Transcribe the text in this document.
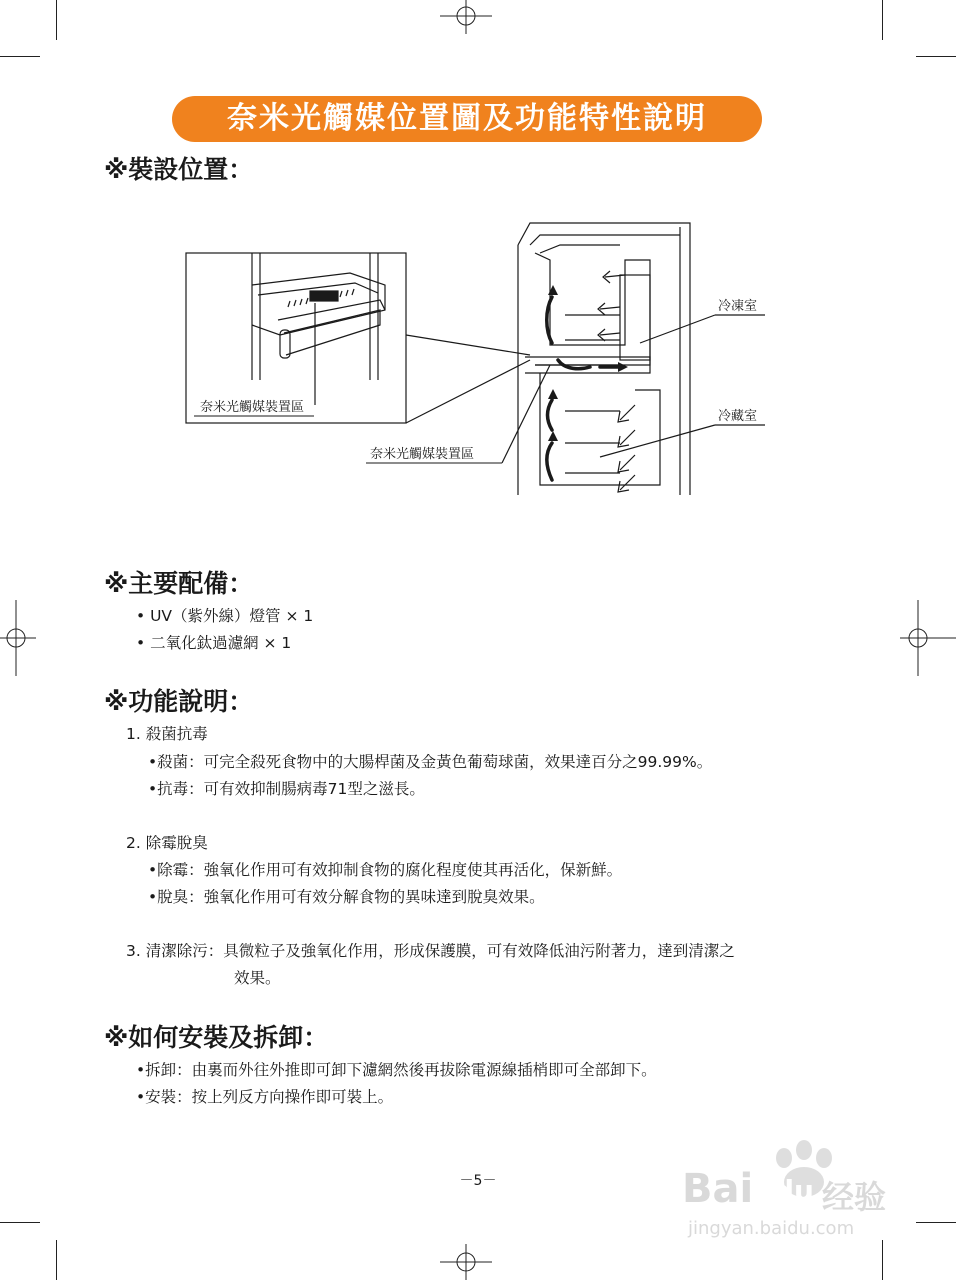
奈米光觸媒位置圖及功能特性說明
※裝設位置：
奈米光觸媒裝置區
奈米光觸媒裝置區
冷凍室
冷藏室
※主要配備：
• UV（紫外線）燈管 × 1
• 二氧化鈦過濾網 × 1
※功能說明：
1. 殺菌抗毒
•殺菌：可完全殺死食物中的大腸桿菌及金黃色葡萄球菌，效果達百分之99.99%。
•抗毒：可有效抑制腸病毒71型之滋長。
2. 除霉脫臭
•除霉：強氧化作用可有效抑制食物的腐化程度使其再活化，保新鮮。
•脫臭：強氧化作用可有效分解食物的異味達到脫臭效果。
3. 清潔除污：具微粒子及強氧化作用，形成保護膜，可有效降低油污附著力，達到清潔之
效果。
※如何安裝及拆卸：
•拆卸：由裏而外往外推即可卸下濾網然後再拔除電源線插梢即可全部卸下。
•安裝：按上列反方向操作即可裝上。
－5－	Bai du 经验
jingyan.baidu.com
